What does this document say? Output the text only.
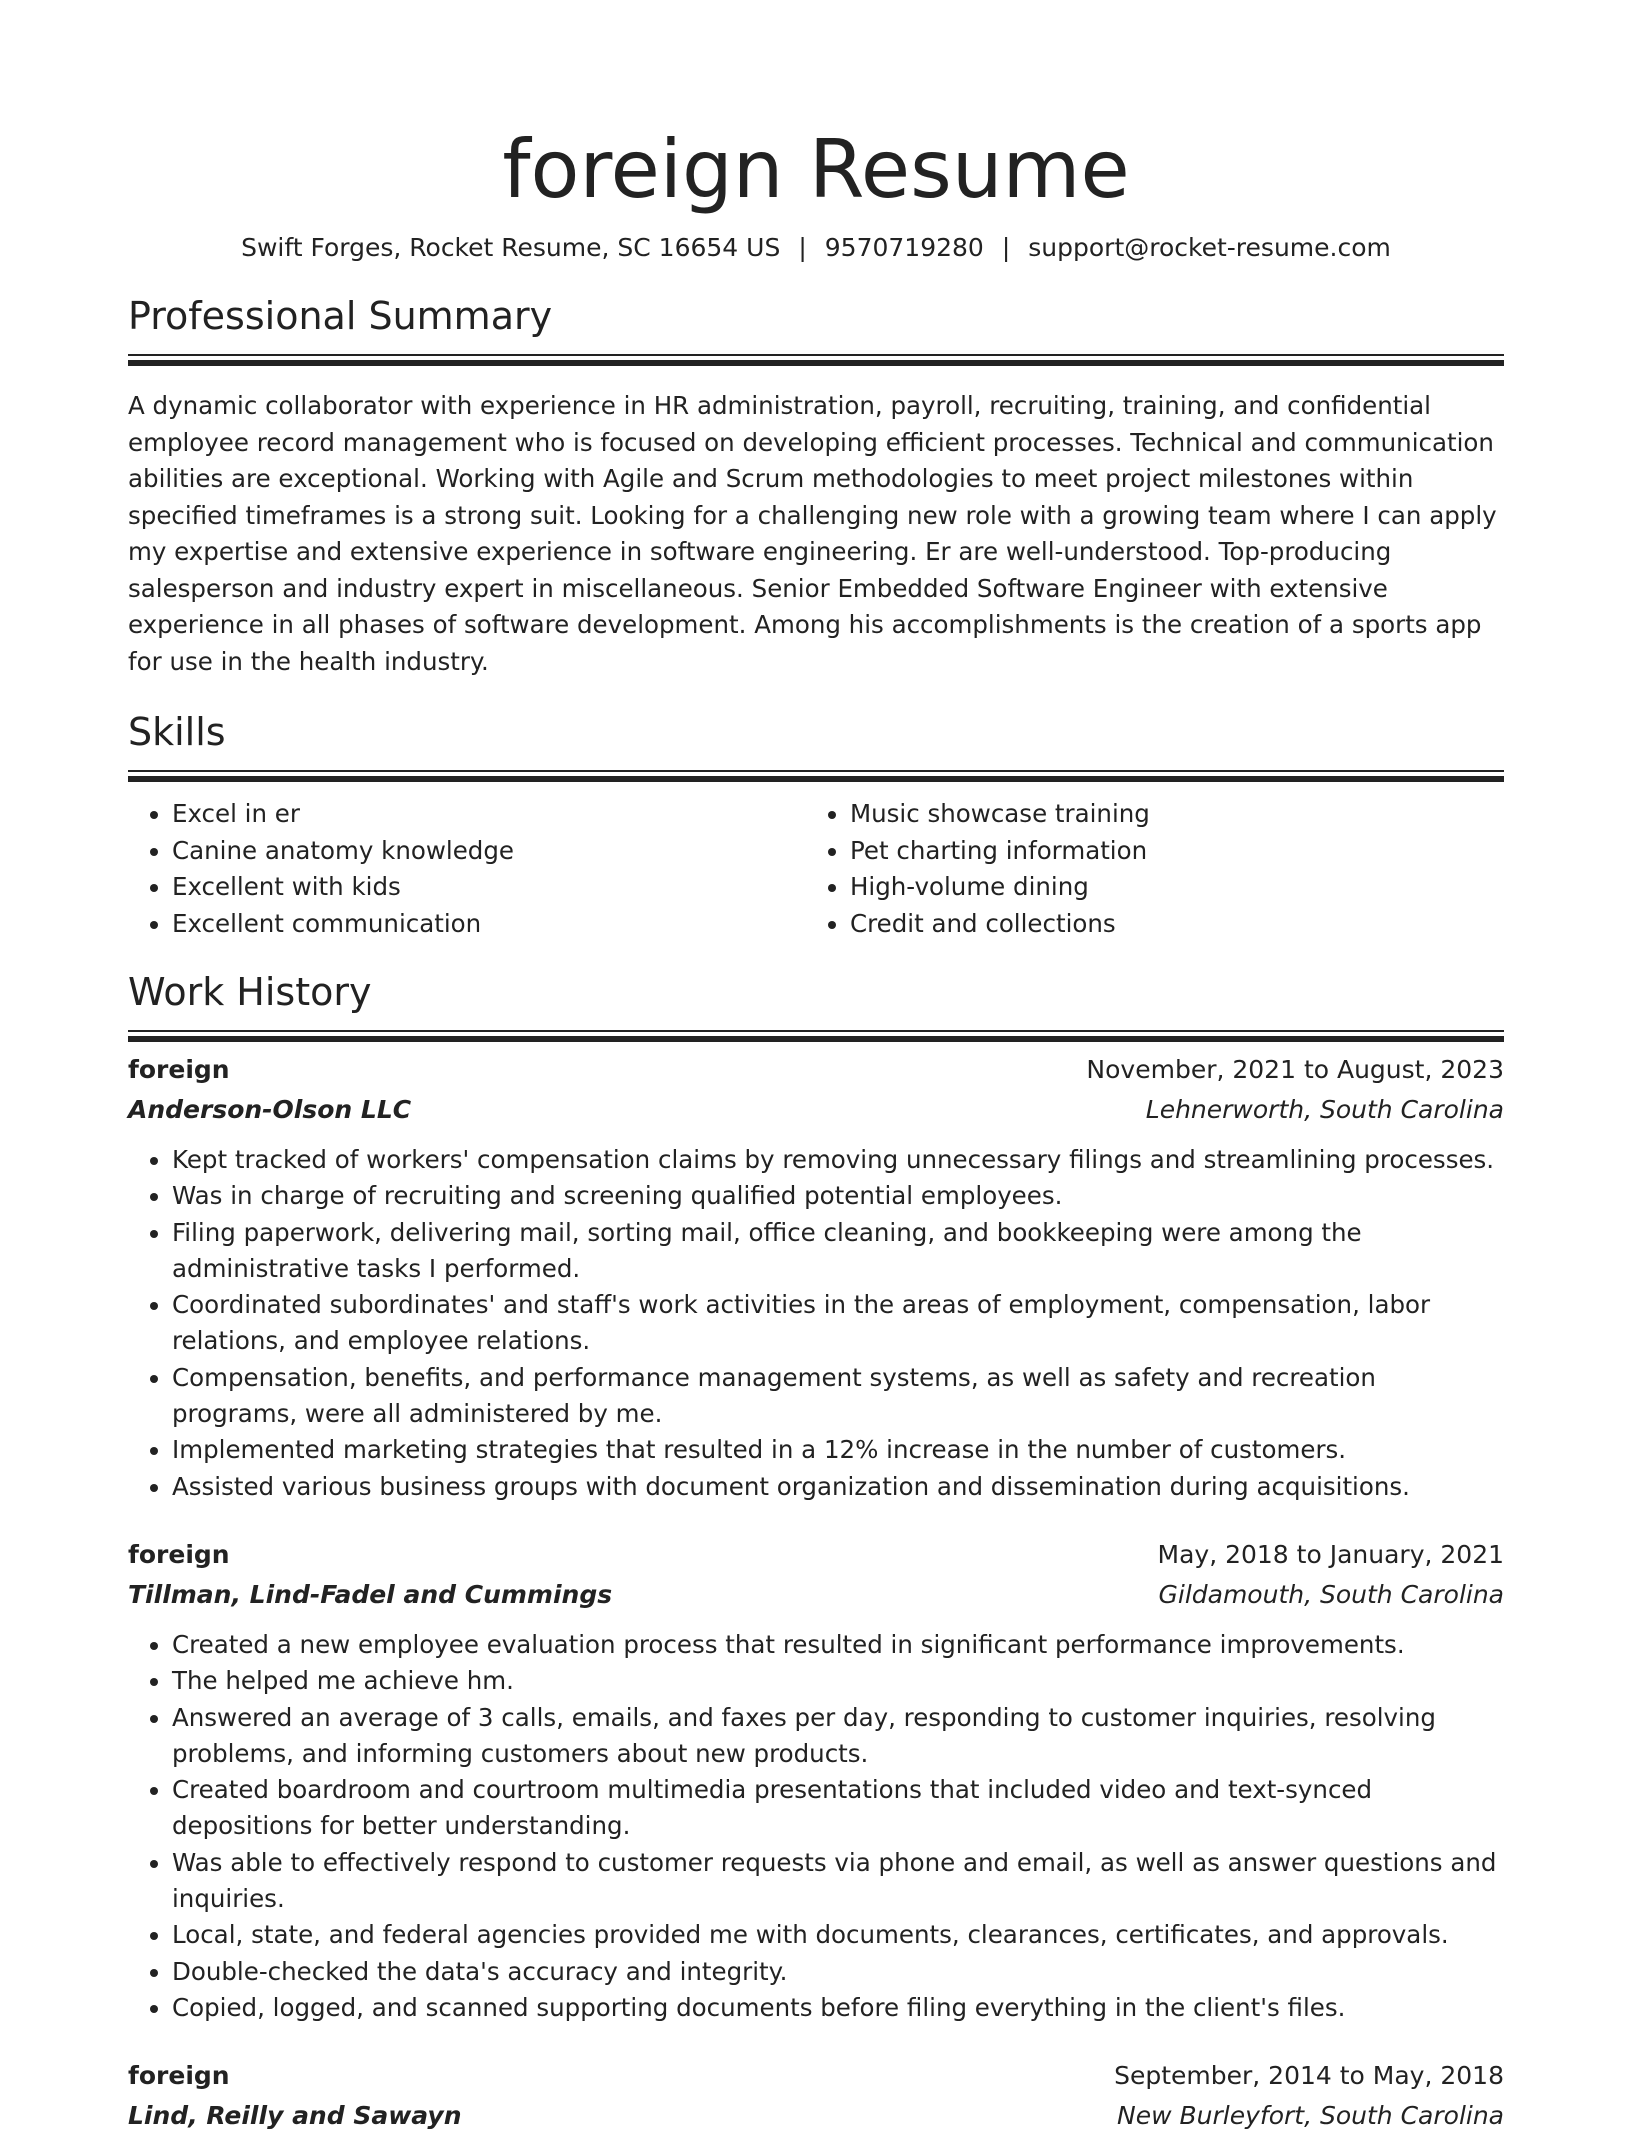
foreign Resume
Swift Forges, Rocket Resume, SC 16654 US | 9570719280 | support@rocket-resume.com
Professional Summary
A dynamic collaborator with experience in HR administration, payroll, recruiting, training, and confidential employee record management who is focused on developing efficient processes. Technical and communication abilities are exceptional. Working with Agile and Scrum methodologies to meet project milestones within specified timeframes is a strong suit. Looking for a challenging new role with a growing team where I can apply my expertise and extensive experience in software engineering. Er are well-understood. Top-producing salesperson and industry expert in miscellaneous. Senior Embedded Software Engineer with extensive experience in all phases of software development. Among his accomplishments is the creation of a sports app for use in the health industry.
Skills
• Excel in er
• Canine anatomy knowledge
• Excellent with kids
• Excellent communication
• Music showcase training
• Pet charting information
• High-volume dining
• Credit and collections
Work History
foreign	November, 2021 to August, 2023
Anderson-Olson LLC	Lehnerworth, South Carolina
• Kept tracked of workers' compensation claims by removing unnecessary filings and streamlining processes.
• Was in charge of recruiting and screening qualified potential employees.
• Filing paperwork, delivering mail, sorting mail, office cleaning, and bookkeeping were among the administrative tasks I performed.
• Coordinated subordinates' and staff's work activities in the areas of employment, compensation, labor relations, and employee relations.
• Compensation, benefits, and performance management systems, as well as safety and recreation programs, were all administered by me.
• Implemented marketing strategies that resulted in a 12% increase in the number of customers.
• Assisted various business groups with document organization and dissemination during acquisitions.
foreign	May, 2018 to January, 2021
Tillman, Lind-Fadel and Cummings	Gildamouth, South Carolina
• Created a new employee evaluation process that resulted in significant performance improvements.
• The helped me achieve hm.
• Answered an average of 3 calls, emails, and faxes per day, responding to customer inquiries, resolving problems, and informing customers about new products.
• Created boardroom and courtroom multimedia presentations that included video and text-synced depositions for better understanding.
• Was able to effectively respond to customer requests via phone and email, as well as answer questions and inquiries.
• Local, state, and federal agencies provided me with documents, clearances, certificates, and approvals.
• Double-checked the data's accuracy and integrity.
• Copied, logged, and scanned supporting documents before filing everything in the client's files.
foreign	September, 2014 to May, 2018
Lind, Reilly and Sawayn	New Burleyfort, South Carolina
